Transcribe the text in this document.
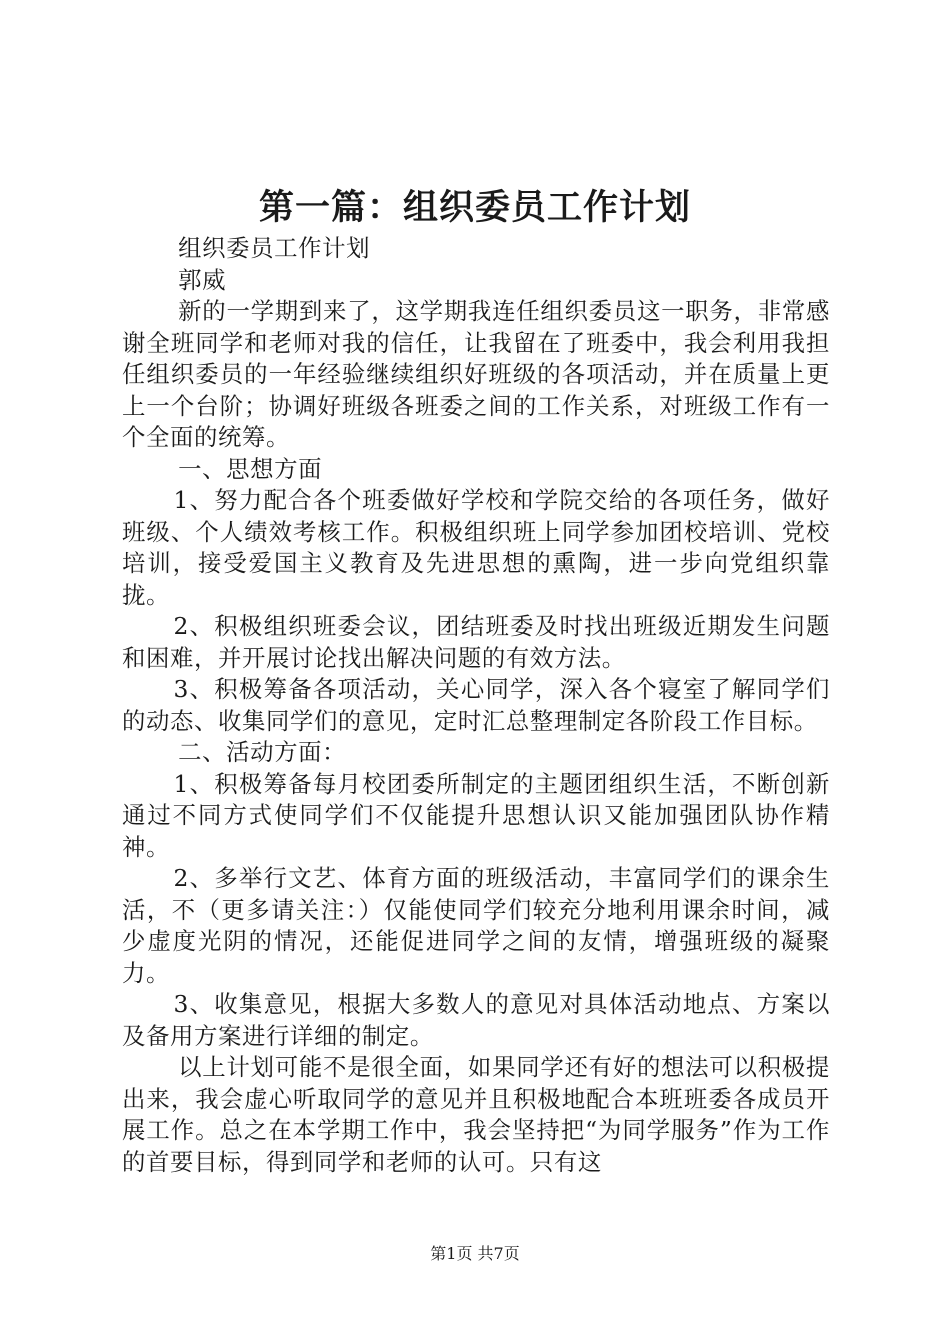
第一篇：组织委员工作计划

组织委员工作计划

郭威

新的一学期到来了，这学期我连任组织委员这一职务，非常感谢全班同学和老师对我的信任，让我留在了班委中，我会利用我担任组织委员的一年经验继续组织好班级的各项活动，并在质量上更上一个台阶；协调好班级各班委之间的工作关系，对班级工作有一个全面的统筹。

一、思想方面

1、努力配合各个班委做好学校和学院交给的各项任务，做好班级、个人绩效考核工作。积极组织班上同学参加团校培训、党校培训，接受爱国主义教育及先进思想的熏陶，进一步向党组织靠拢。

2、积极组织班委会议，团结班委及时找出班级近期发生问题和困难，并开展讨论找出解决问题的有效方法。

3、积极筹备各项活动，关心同学，深入各个寝室了解同学们的动态、收集同学们的意见，定时汇总整理制定各阶段工作目标。

二、活动方面：

1、积极筹备每月校团委所制定的主题团组织生活，不断创新通过不同方式使同学们不仅能提升思想认识又能加强团队协作精神。

2、多举行文艺、体育方面的班级活动，丰富同学们的课余生活，不（更多请关注：）仅能使同学们较充分地利用课余时间，减少虚度光阴的情况，还能促进同学之间的友情，增强班级的凝聚力。

3、收集意见，根据大多数人的意见对具体活动地点、方案以及备用方案进行详细的制定。

以上计划可能不是很全面，如果同学还有好的想法可以积极提出来，我会虚心听取同学的意见并且积极地配合本班班委各成员开展工作。总之在本学期工作中，我会坚持把“为同学服务”作为工作的首要目标，得到同学和老师的认可。只有这

第1页 共7页
